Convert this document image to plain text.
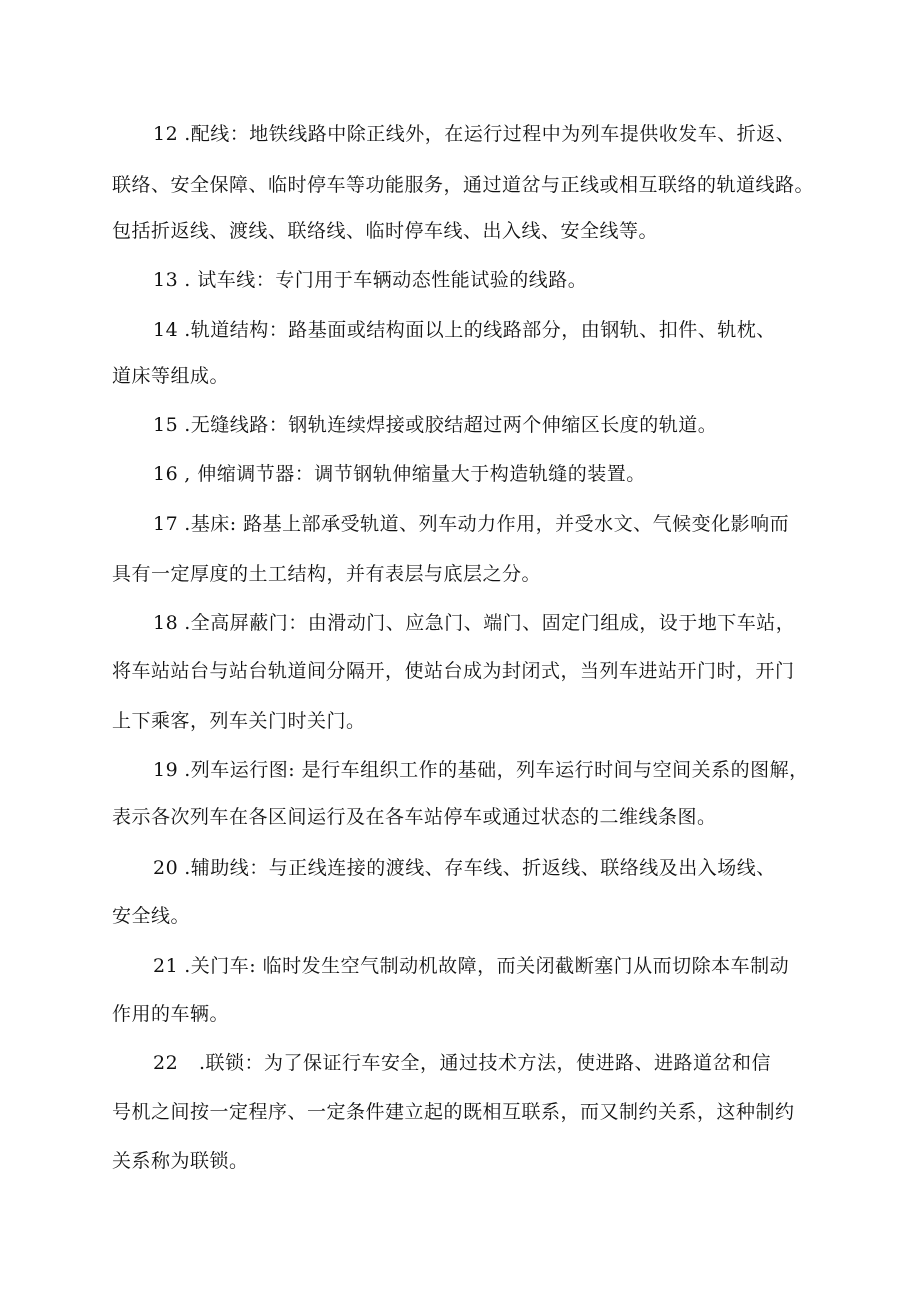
12 .配线：地铁线路中除正线外，在运行过程中为列车提供收发车、折返、
联络、安全保障、临时停车等功能服务，通过道岔与正线或相互联络的轨道线路。
包括折返线、渡线、联络线、临时停车线、出入线、安全线等。
13 . 试车线：专门用于车辆动态性能试验的线路。
14 .轨道结构：路基面或结构面以上的线路部分，由钢轨、扣件、轨枕、
道床等组成。
15 .无缝线路：钢轨连续焊接或胶结超过两个伸缩区长度的轨道。
16 , 伸缩调节器：调节钢轨伸缩量大于构造轨缝的装置。
17 .基床: 路基上部承受轨道、列车动力作用，并受水文、气候变化影响而
具有一定厚度的土工结构，并有表层与底层之分。
18 .全高屏蔽门：由滑动门、应急门、端门、固定门组成，设于地下车站，
将车站站台与站台轨道间分隔开，使站台成为封闭式，当列车进站开门时，开门
上下乘客，列车关门时关门。
19 .列车运行图: 是行车组织工作的基础，列车运行时间与空间关系的图解，
表示各次列车在各区间运行及在各车站停车或通过状态的二维线条图。
20 .辅助线：与正线连接的渡线、存车线、折返线、联络线及出入场线、
安全线。
21 .关门车: 临时发生空气制动机故障，而关闭截断塞门从而切除本车制动
作用的车辆。
22 .联锁：为了保证行车安全，通过技术方法，使进路、进路道岔和信
号机之间按一定程序、一定条件建立起的既相互联系，而又制约关系，这种制约
关系称为联锁。
